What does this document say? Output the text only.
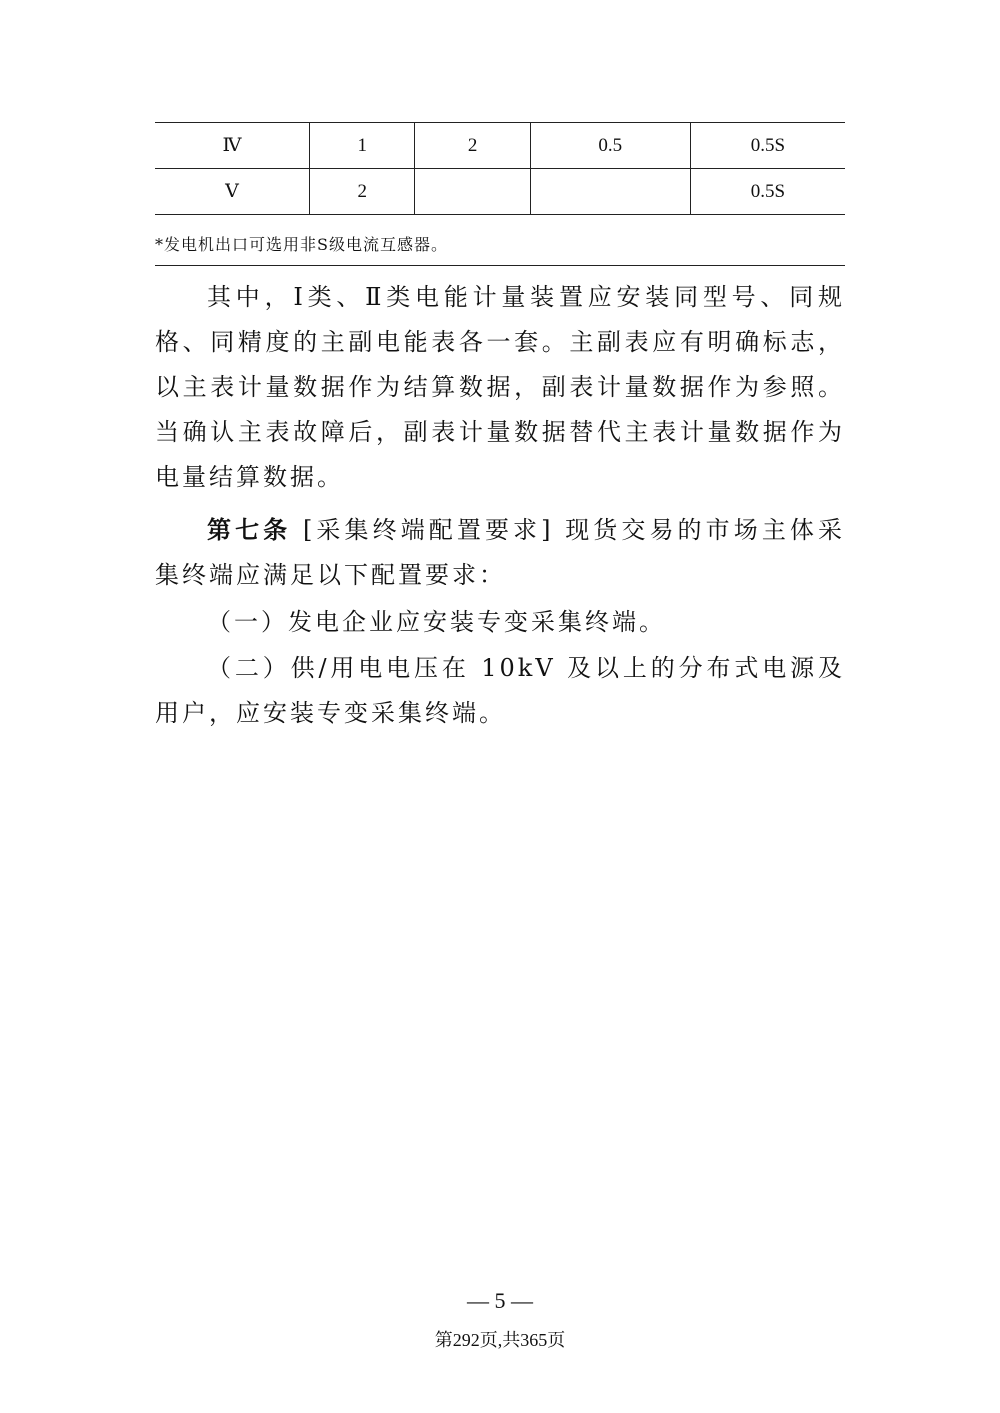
Ⅳ	1	2	0.5	0.5S
Ⅴ	2			0.5S
*发电机出口可选用非S级电流互感器。

其中，Ⅰ类、Ⅱ类电能计量装置应安装同型号、同规格、同精度的主副电能表各一套。主副表应有明确标志，以主表计量数据作为结算数据，副表计量数据作为参照。当确认主表故障后，副表计量数据替代主表计量数据作为电量结算数据。

第七条 [采集终端配置要求] 现货交易的市场主体采集终端应满足以下配置要求：

（一）发电企业应安装专变采集终端。

（二）供/用电电压在 10kV 及以上的分布式电源及用户，应安装专变采集终端。

— 5 —
第292页,共365页
